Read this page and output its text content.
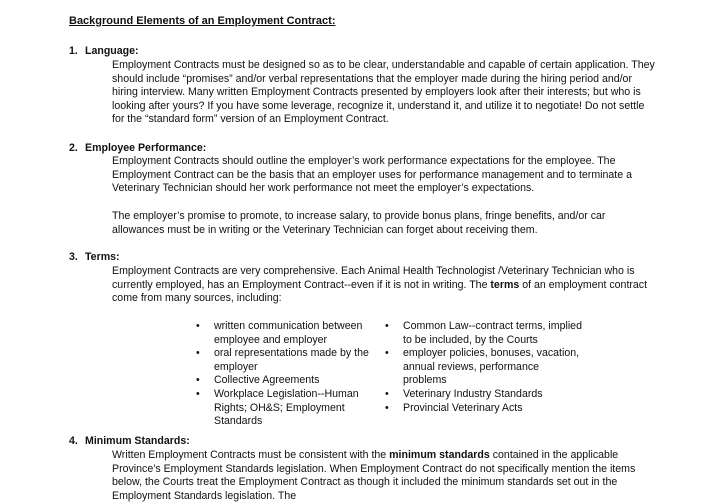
Background Elements of an Employment Contract:
1. Language:
Employment Contracts must be designed so as to be clear, understandable and capable of certain application. They should include “promises” and/or verbal representations that the employer made during the hiring period and/or hiring interview. Many written Employment Contracts presented by employers look after their interests; but who is looking after yours? If you have some leverage, recognize it, understand it, and utilize it to negotiate! Do not settle for the “standard form” version of an Employment Contract.
2. Employee Performance:
Employment Contracts should outline the employer’s work performance expectations for the employee. The Employment Contract can be the basis that an employer uses for performance management and to terminate a Veterinary Technician should her work performance not meet the employer’s expectations.
The employer’s promise to promote, to increase salary, to provide bonus plans, fringe benefits, and/or car allowances must be in writing or the Veterinary Technician can forget about receiving them.
3. Terms:
Employment Contracts are very comprehensive. Each Animal Health Technologist /Veterinary Technician who is currently employed, has an Employment Contract--even if it is not in writing. The terms of an employment contract come from many sources, including:
• written communication between employee and employer
• oral representations made by the employer
• Collective Agreements
• Workplace Legislation--Human Rights; OH&S; Employment Standards
• Common Law--contract terms, implied to be included, by the Courts
• employer policies, bonuses, vacation, annual reviews, performance problems
• Veterinary Industry Standards
• Provincial Veterinary Acts
4. Minimum Standards:
Written Employment Contracts must be consistent with the minimum standards contained in the applicable Province’s Employment Standards legislation. When Employment Contract do not specifically mention the items below, the Courts treat the Employment Contract as though it included the minimum standards set out in the Employment Standards legislation. The
